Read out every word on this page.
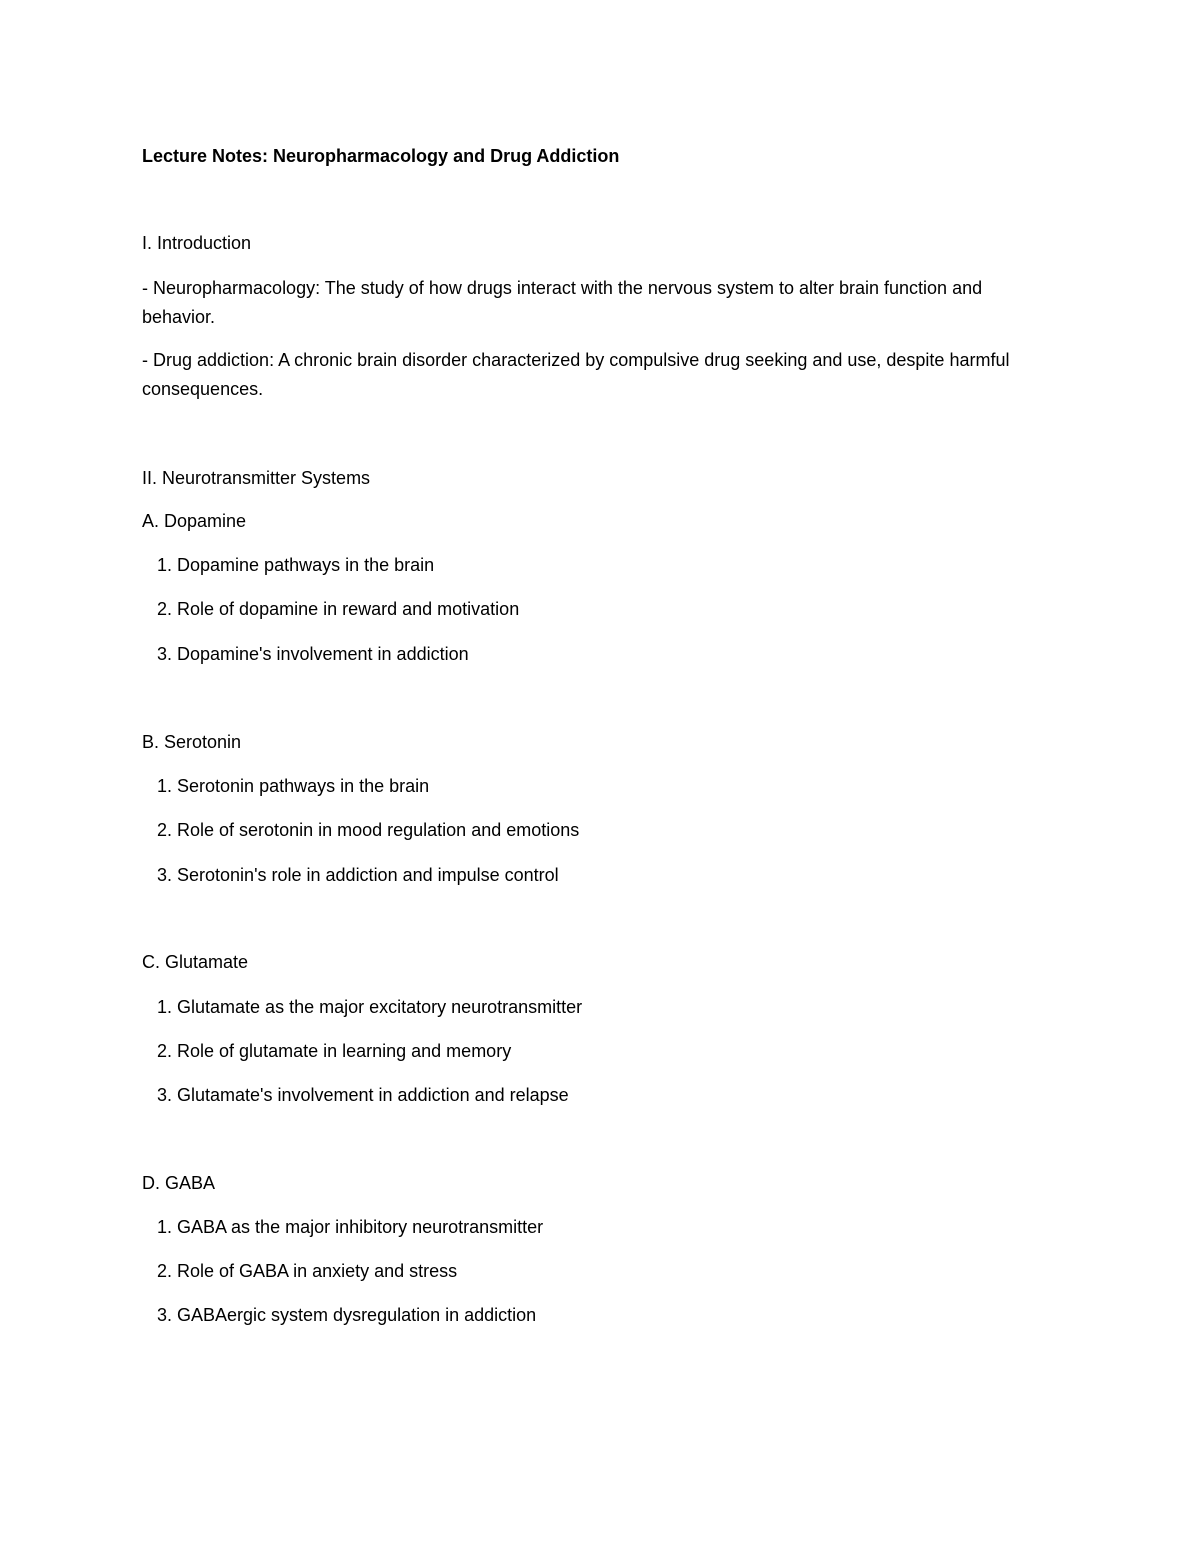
Lecture Notes: Neuropharmacology and Drug Addiction
I. Introduction
- Neuropharmacology: The study of how drugs interact with the nervous system to alter brain function and behavior.
- Drug addiction: A chronic brain disorder characterized by compulsive drug seeking and use, despite harmful consequences.
II. Neurotransmitter Systems
A. Dopamine
1. Dopamine pathways in the brain
2. Role of dopamine in reward and motivation
3. Dopamine's involvement in addiction
B. Serotonin
1. Serotonin pathways in the brain
2. Role of serotonin in mood regulation and emotions
3. Serotonin's role in addiction and impulse control
C. Glutamate
1. Glutamate as the major excitatory neurotransmitter
2. Role of glutamate in learning and memory
3. Glutamate's involvement in addiction and relapse
D. GABA
1. GABA as the major inhibitory neurotransmitter
2. Role of GABA in anxiety and stress
3. GABAergic system dysregulation in addiction
